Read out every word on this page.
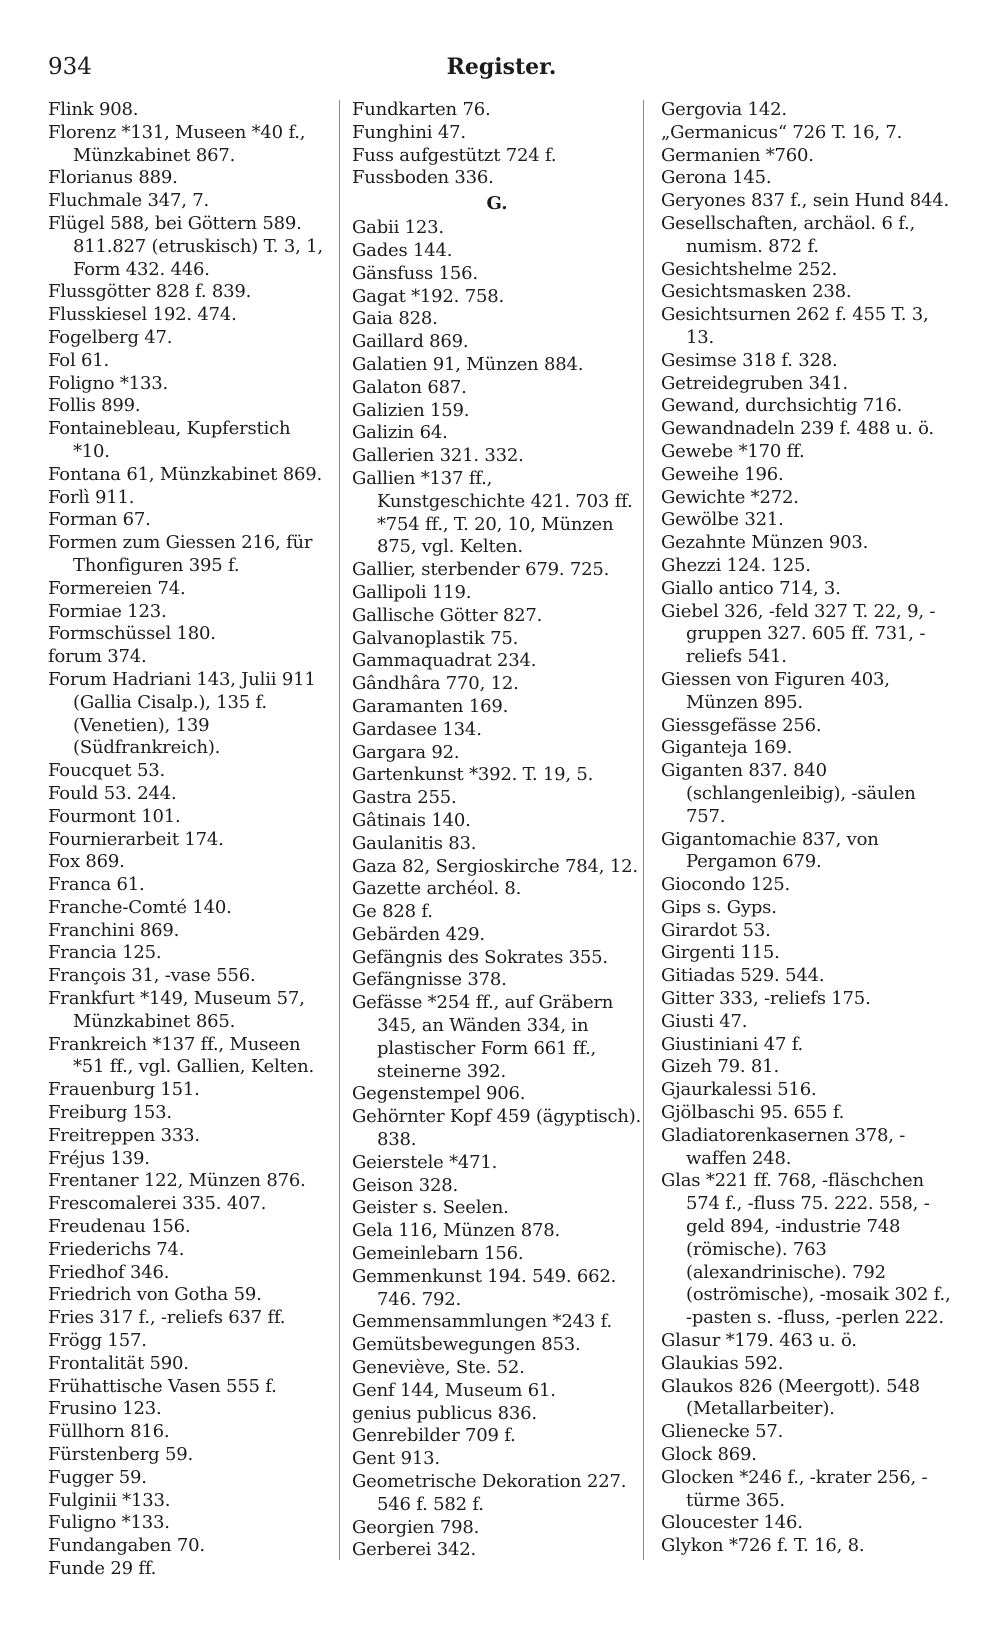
934	Register.
Flink 908.
Florenz *131, Museen *40 f., Münzkabinet 867.
Florianus 889.
Fluchmale 347, 7.
Flügel 588, bei Göttern 589. 811.827 (etruskisch) T. 3, 1, Form 432. 446.
Flussgötter 828 f. 839.
Flusskiesel 192. 474.
Fogelberg 47.
Fol 61.
Foligno *133.
Follis 899.
Fontainebleau, Kupferstich *10.
Fontana 61, Münzkabinet 869.
Forlì 911.
Forman 67.
Formen zum Giessen 216, für Thonfiguren 395 f.
Formereien 74.
Formiae 123.
Formschüssel 180.
forum 374.
Forum Hadriani 143, Julii 911 (Gallia Cisalp.), 135 f. (Venetien), 139 (Südfrankreich).
Foucquet 53.
Fould 53. 244.
Fourmont 101.
Fournierarbeit 174.
Fox 869.
Franca 61.
Franche-Comté 140.
Franchini 869.
Francia 125.
François 31, -vase 556.
Frankfurt *149, Museum 57, Münzkabinet 865.
Frankreich *137 ff., Museen *51 ff., vgl. Gallien, Kelten.
Frauenburg 151.
Freiburg 153.
Freitreppen 333.
Fréjus 139.
Frentaner 122, Münzen 876.
Frescomalerei 335. 407.
Freudenau 156.
Friederichs 74.
Friedhof 346.
Friedrich von Gotha 59.
Fries 317 f., -reliefs 637 ff.
Frögg 157.
Frontalität 590.
Frühattische Vasen 555 f.
Frusino 123.
Füllhorn 816.
Fürstenberg 59.
Fugger 59.
Fulginii *133.
Fuligno *133.
Fundangaben 70.
Funde 29 ff.
Fundkarten 76.
Funghini 47.
Fuss aufgestützt 724 f.
Fussboden 336.
G.
Gabii 123.
Gades 144.
Gänsfuss 156.
Gagat *192. 758.
Gaia 828.
Gaillard 869.
Galatien 91, Münzen 884.
Galaton 687.
Galizien 159.
Galizin 64.
Gallerien 321. 332.
Gallien *137 ff., Kunstgeschichte 421. 703 ff. *754 ff., T. 20, 10, Münzen 875, vgl. Kelten.
Gallier, sterbender 679. 725.
Gallipoli 119.
Gallische Götter 827.
Galvanoplastik 75.
Gammaquadrat 234.
Gândhâra 770, 12.
Garamanten 169.
Gardasee 134.
Gargara 92.
Gartenkunst *392. T. 19, 5.
Gastra 255.
Gâtinais 140.
Gaulanitis 83.
Gaza 82, Sergioskirche 784, 12.
Gazette archéol. 8.
Ge 828 f.
Gebärden 429.
Gefängnis des Sokrates 355.
Gefängnisse 378.
Gefässe *254 ff., auf Gräbern 345, an Wänden 334, in plastischer Form 661 ff., steinerne 392.
Gegenstempel 906.
Gehörnter Kopf 459 (ägyptisch). 838.
Geierstele *471.
Geison 328.
Geister s. Seelen.
Gela 116, Münzen 878.
Gemeinlebarn 156.
Gemmenkunst 194. 549. 662. 746. 792.
Gemmensammlungen *243 f.
Gemütsbewegungen 853.
Geneviève, Ste. 52.
Genf 144, Museum 61.
genius publicus 836.
Genrebilder 709 f.
Gent 913.
Geometrische Dekoration 227. 546 f. 582 f.
Georgien 798.
Gerberei 342.
Gergovia 142.
„Germanicus“ 726 T. 16, 7.
Germanien *760.
Gerona 145.
Geryones 837 f., sein Hund 844.
Gesellschaften, archäol. 6 f., numism. 872 f.
Gesichtshelme 252.
Gesichtsmasken 238.
Gesichtsurnen 262 f. 455 T. 3, 13.
Gesimse 318 f. 328.
Getreidegruben 341.
Gewand, durchsichtig 716.
Gewandnadeln 239 f. 488 u. ö.
Gewebe *170 ff.
Geweihe 196.
Gewichte *272.
Gewölbe 321.
Gezahnte Münzen 903.
Ghezzi 124. 125.
Giallo antico 714, 3.
Giebel 326, -feld 327 T. 22, 9, -gruppen 327. 605 ff. 731, -reliefs 541.
Giessen von Figuren 403, Münzen 895.
Giessgefässe 256.
Giganteja 169.
Giganten 837. 840 (schlangenleibig), -säulen 757.
Gigantomachie 837, von Pergamon 679.
Giocondo 125.
Gips s. Gyps.
Girardot 53.
Girgenti 115.
Gitiadas 529. 544.
Gitter 333, -reliefs 175.
Giusti 47.
Giustiniani 47 f.
Gizeh 79. 81.
Gjaurkalessi 516.
Gjölbaschi 95. 655 f.
Gladiatorenkasernen 378, -waffen 248.
Glas *221 ff. 768, -fläschchen 574 f., -fluss 75. 222. 558, -geld 894, -industrie 748 (römische). 763 (alexandrinische). 792 (oströmische), -mosaik 302 f., -pasten s. -fluss, -perlen 222.
Glasur *179. 463 u. ö.
Glaukias 592.
Glaukos 826 (Meergott). 548 (Metallarbeiter).
Glienecke 57.
Glock 869.
Glocken *246 f., -krater 256, -türme 365.
Gloucester 146.
Glykon *726 f. T. 16, 8.
